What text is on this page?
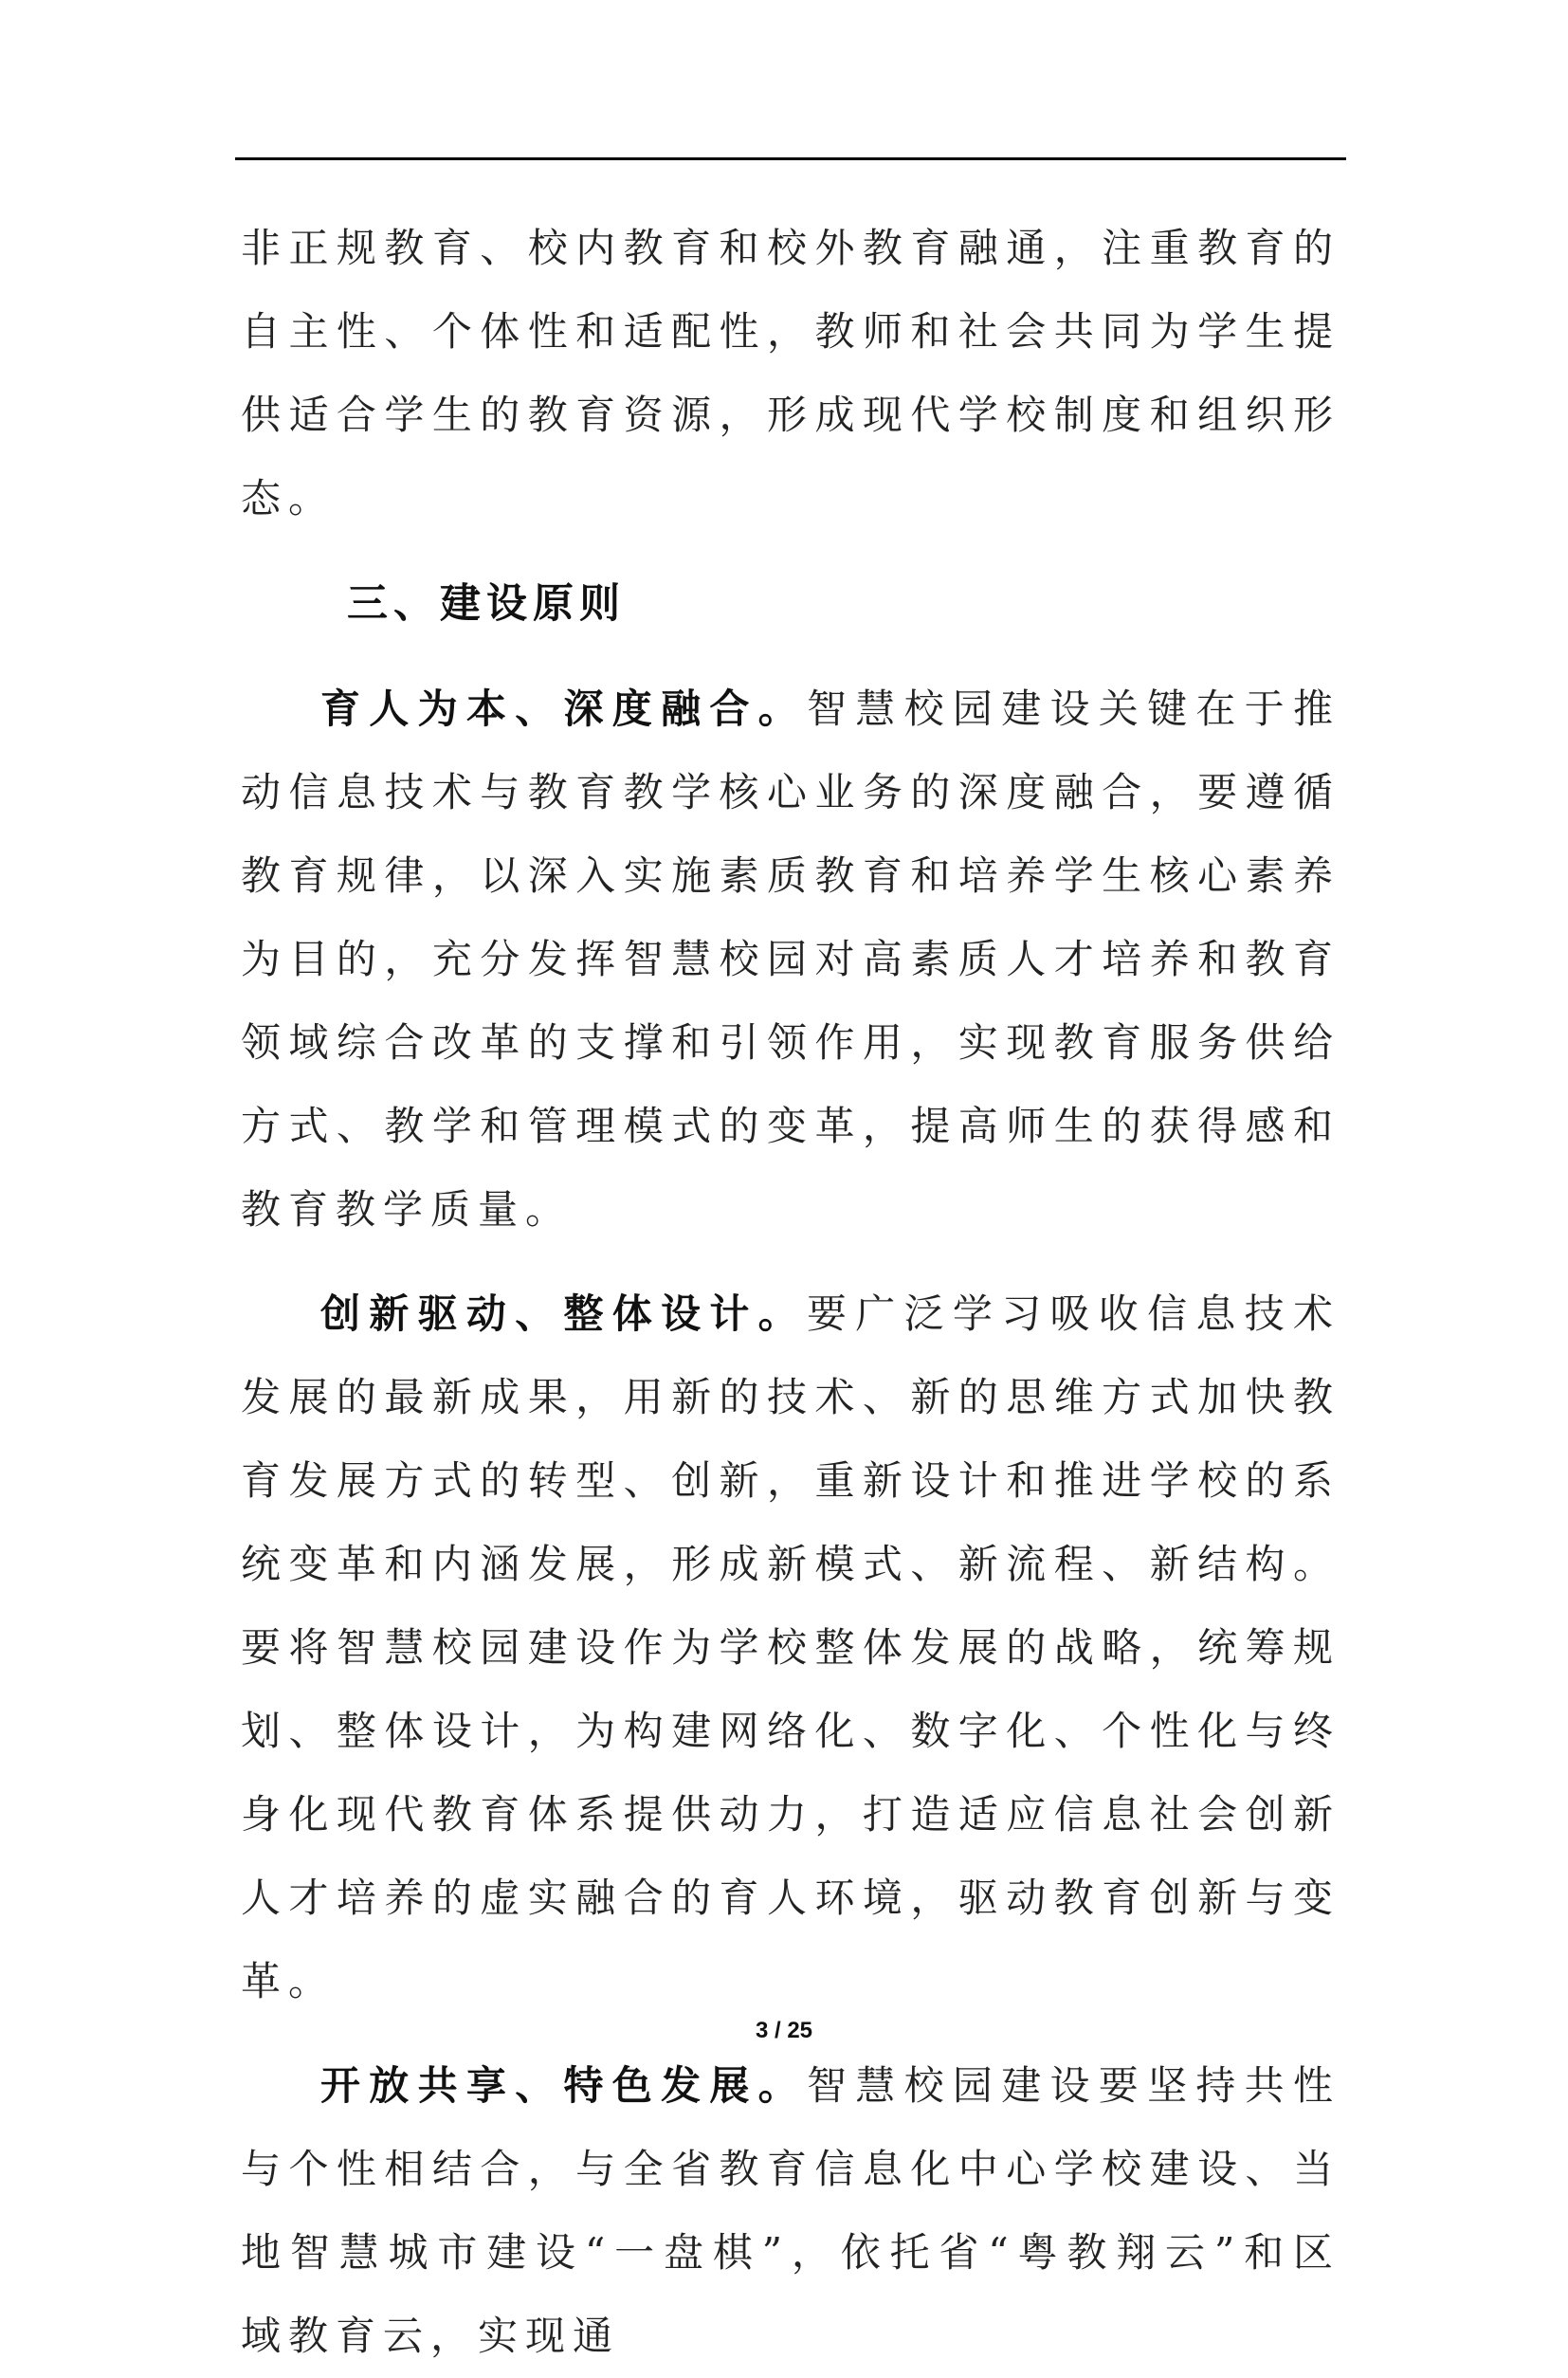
非正规教育、校内教育和校外教育融通，注重教育的自主性、个体性和适配性，教师和社会共同为学生提供适合学生的教育资源，形成现代学校制度和组织形态。

三、建设原则

育人为本、深度融合。智慧校园建设关键在于推动信息技术与教育教学核心业务的深度融合，要遵循教育规律，以深入实施素质教育和培养学生核心素养为目的，充分发挥智慧校园对高素质人才培养和教育领域综合改革的支撑和引领作用，实现教育服务供给方式、教学和管理模式的变革，提高师生的获得感和教育教学质量。

创新驱动、整体设计。要广泛学习吸收信息技术发展的最新成果，用新的技术、新的思维方式加快教育发展方式的转型、创新，重新设计和推进学校的系统变革和内涵发展，形成新模式、新流程、新结构。要将智慧校园建设作为学校整体发展的战略，统筹规划、整体设计，为构建网络化、数字化、个性化与终身化现代教育体系提供动力，打造适应信息社会创新人才培养的虚实融合的育人环境，驱动教育创新与变革。

开放共享、特色发展。智慧校园建设要坚持共性与个性相结合，与全省教育信息化中心学校建设、当地智慧城市建设“一盘棋”，依托省“粤教翔云”和区域教育云，实现通

3 / 25
